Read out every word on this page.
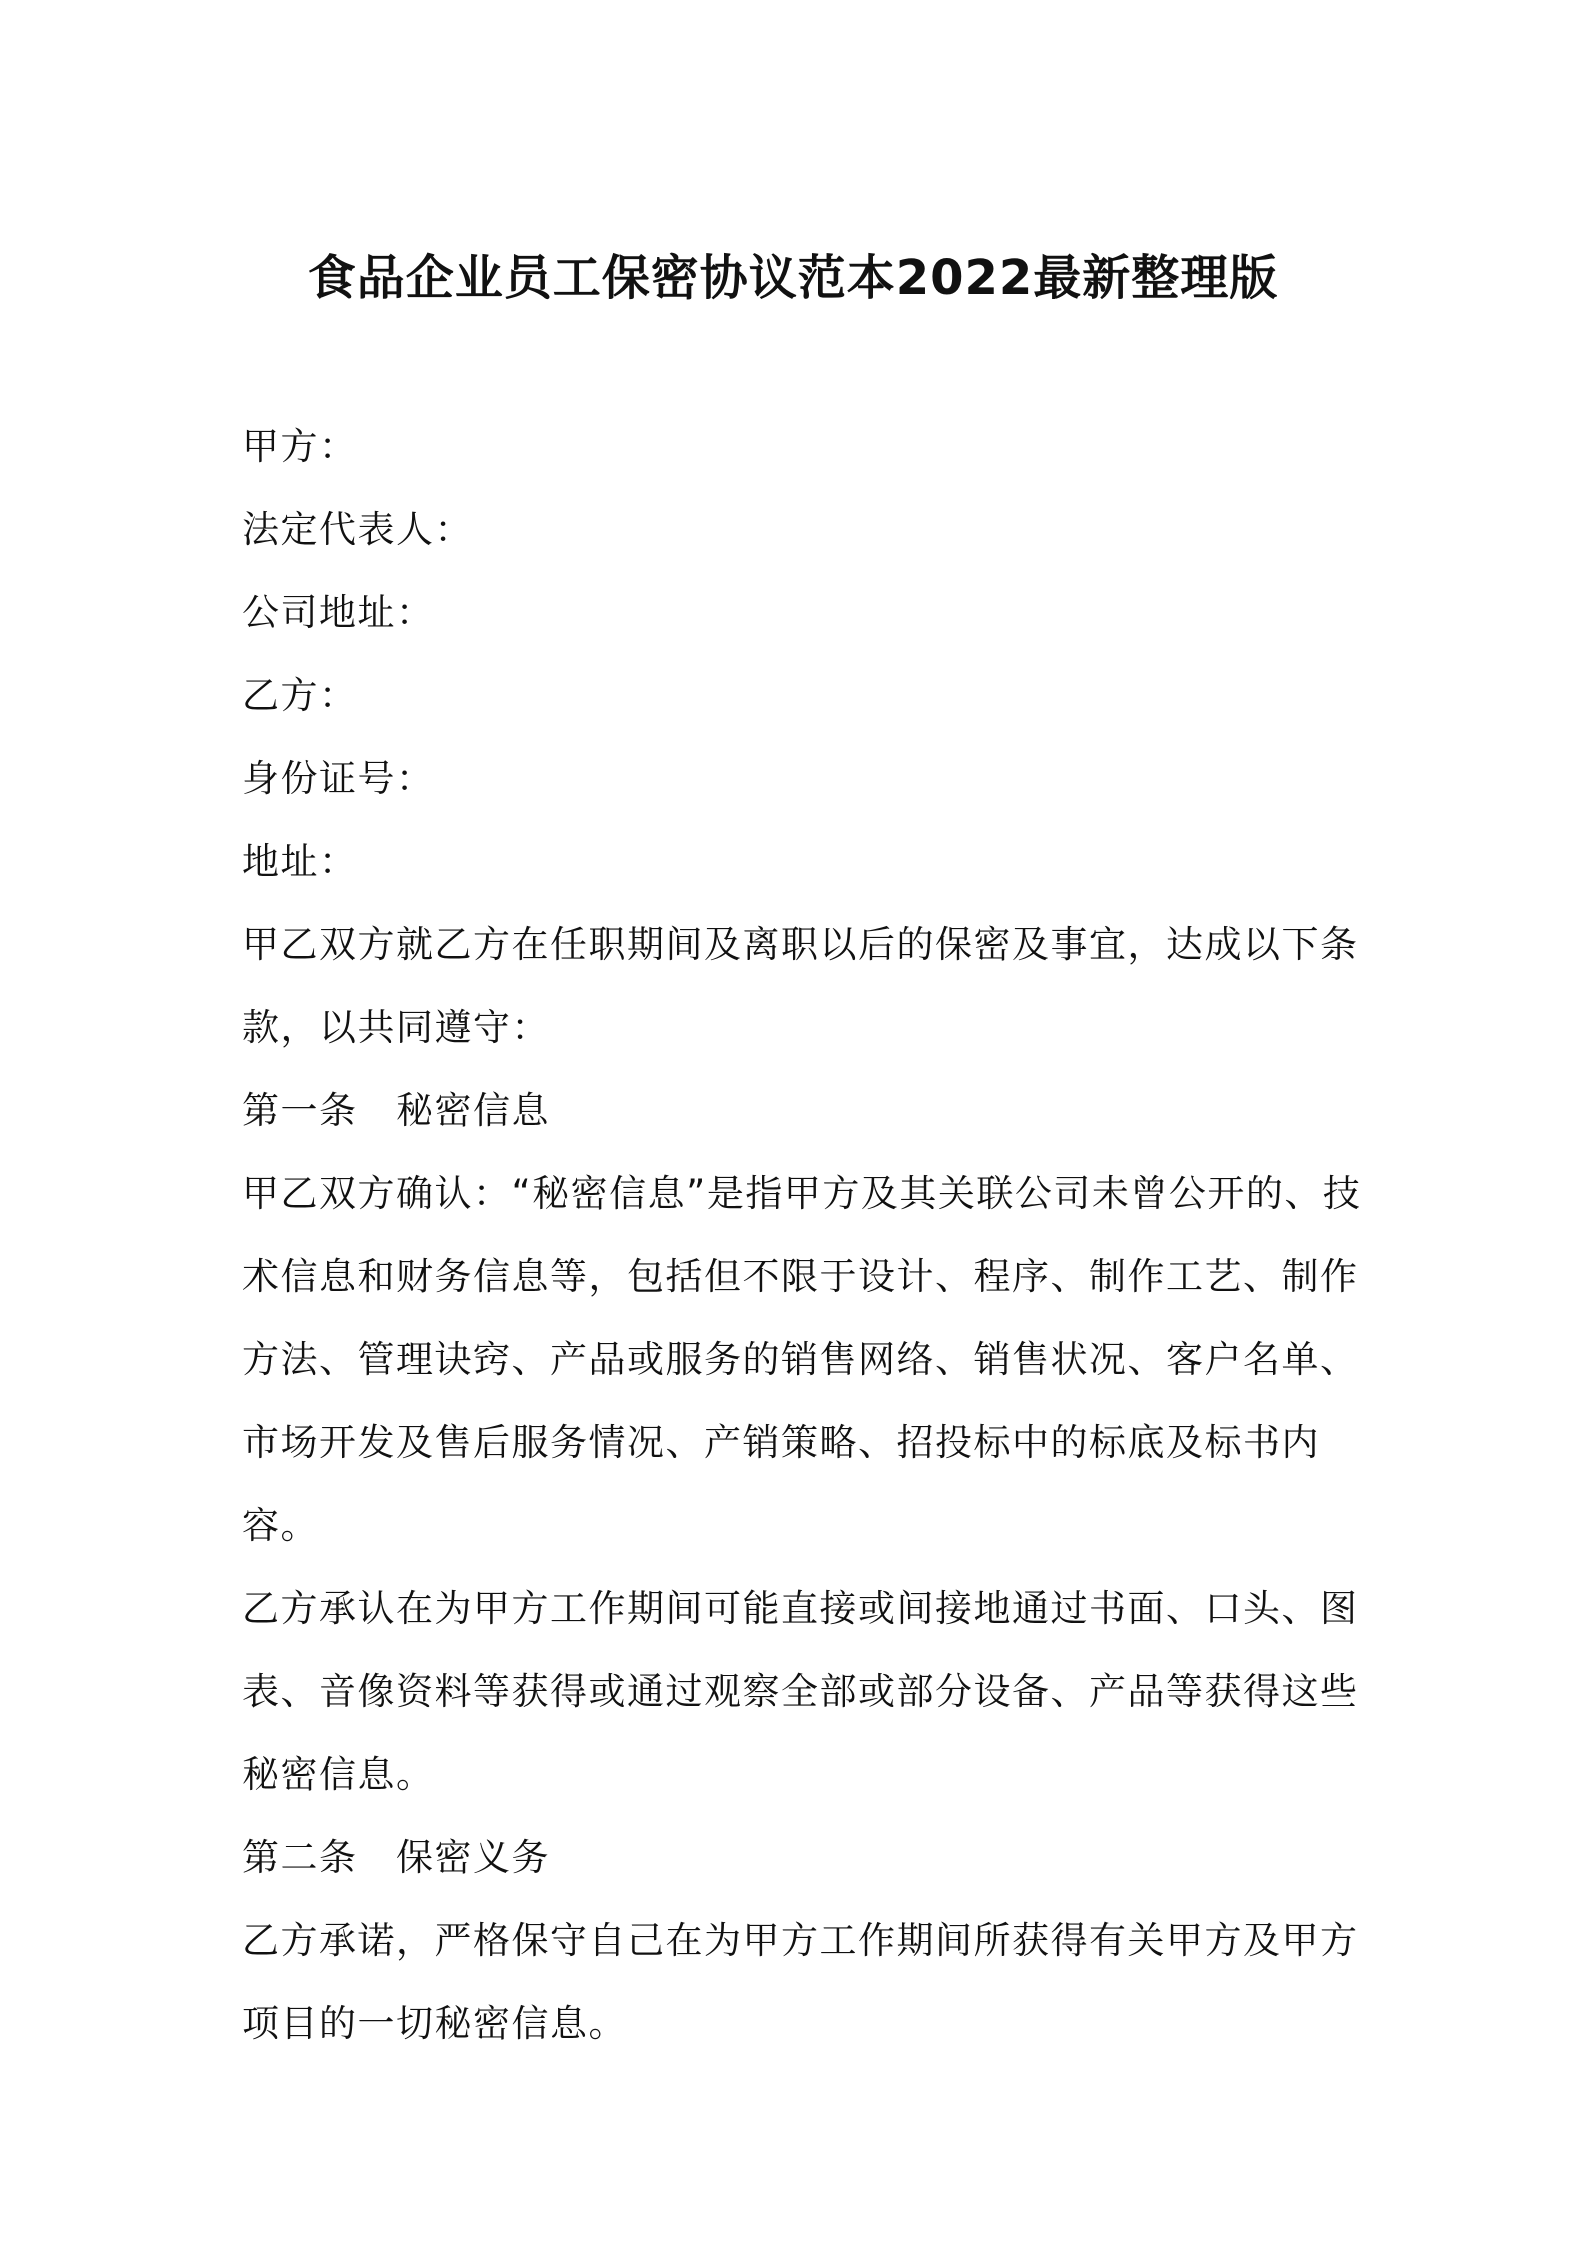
食品企业员工保密协议范本2022最新整理版

甲方：

法定代表人：

公司地址：

乙方：

身份证号：

地址：

甲乙双方就乙方在任职期间及离职以后的保密及事宜，达成以下条款，以共同遵守：

第一条　秘密信息

甲乙双方确认：“秘密信息”是指甲方及其关联公司未曾公开的、技术信息和财务信息等，包括但不限于设计、程序、制作工艺、制作方法、管理诀窍、产品或服务的销售网络、销售状况、客户名单、市场开发及售后服务情况、产销策略、招投标中的标底及标书内容。

乙方承认在为甲方工作期间可能直接或间接地通过书面、口头、图表、音像资料等获得或通过观察全部或部分设备、产品等获得这些秘密信息。

第二条　保密义务

乙方承诺，严格保守自己在为甲方工作期间所获得有关甲方及甲方项目的一切秘密信息。
